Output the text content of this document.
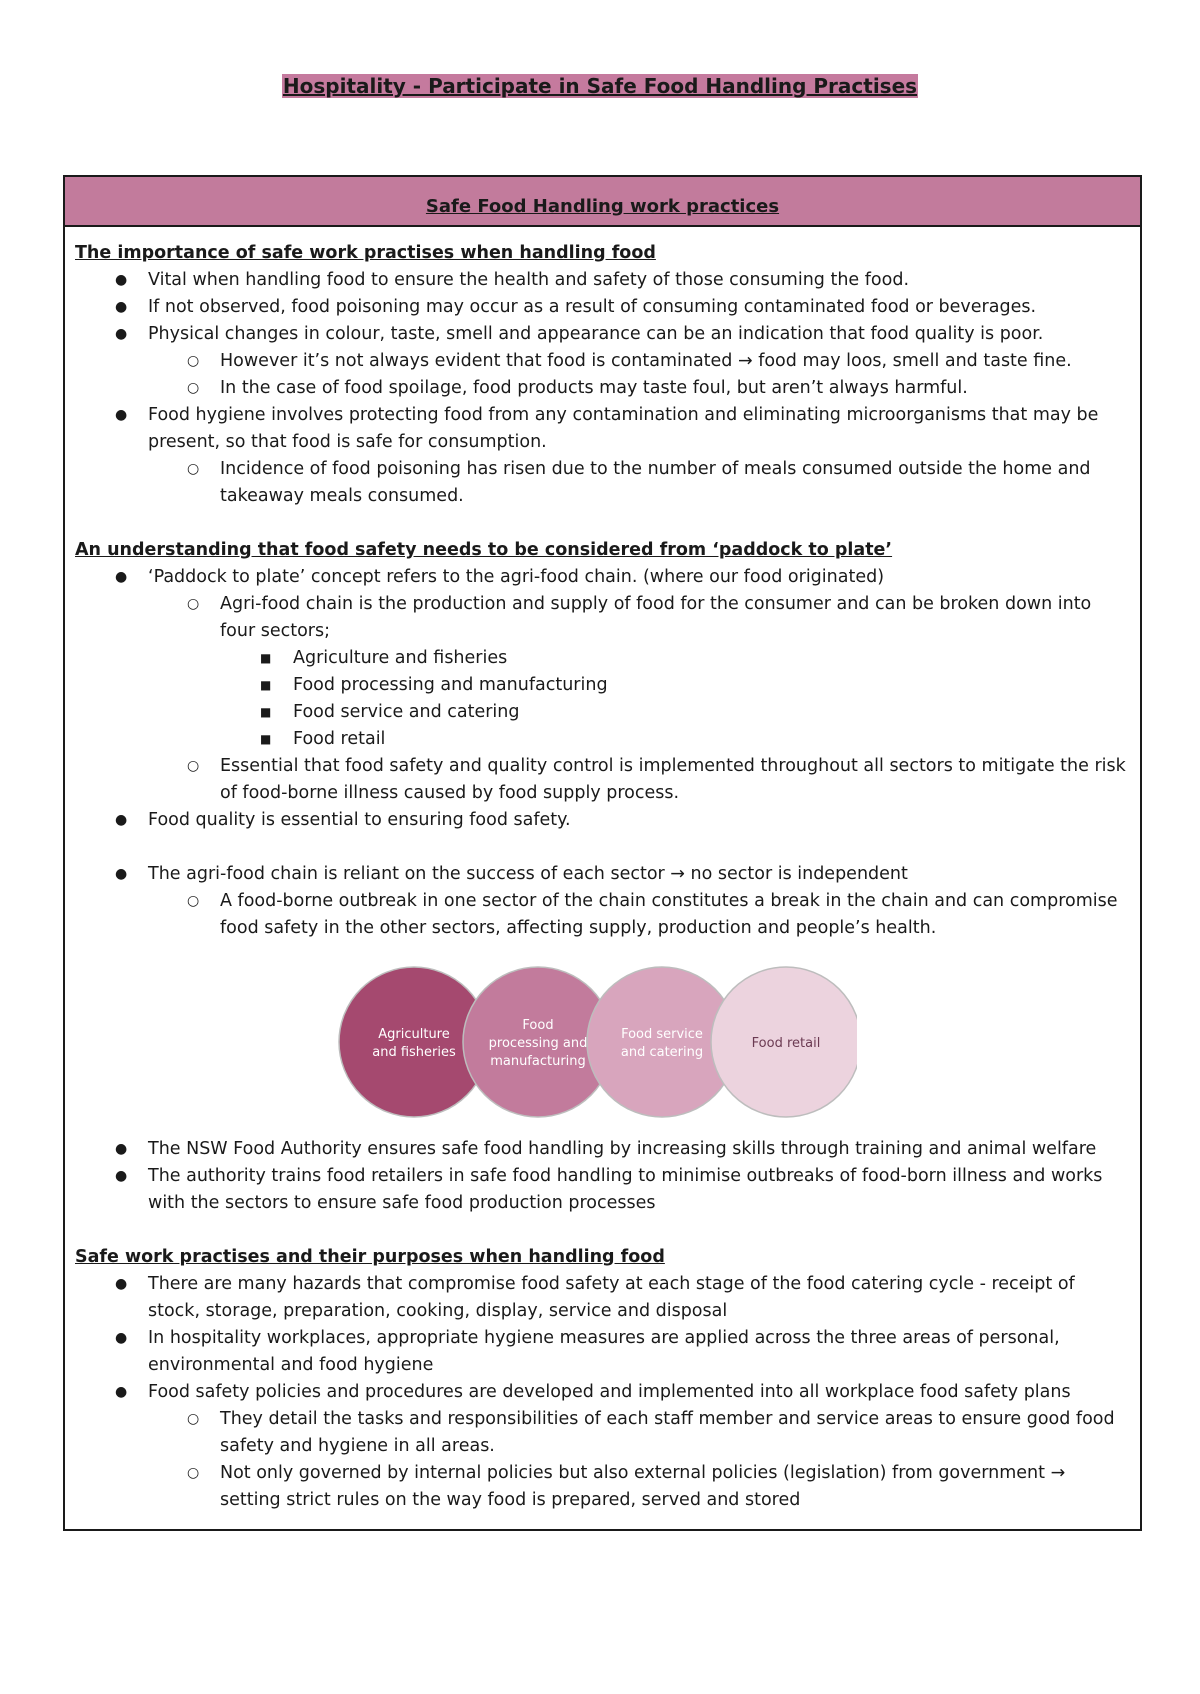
Hospitality - Participate in Safe Food Handling Practises
Safe Food Handling work practices
The importance of safe work practises when handling food
● Vital when handling food to ensure the health and safety of those consuming the food.
● If not observed, food poisoning may occur as a result of consuming contaminated food or beverages.
● Physical changes in colour, taste, smell and appearance can be an indication that food quality is poor.
○ However it’s not always evident that food is contaminated → food may loos, smell and taste fine.
○ In the case of food spoilage, food products may taste foul, but aren’t always harmful.
● Food hygiene involves protecting food from any contamination and eliminating microorganisms that may be present, so that food is safe for consumption.
○ Incidence of food poisoning has risen due to the number of meals consumed outside the home and takeaway meals consumed.
An understanding that food safety needs to be considered from ‘paddock to plate’
● ‘Paddock to plate’ concept refers to the agri-food chain. (where our food originated)
○ Agri-food chain is the production and supply of food for the consumer and can be broken down into four sectors;
■ Agriculture and fisheries
■ Food processing and manufacturing
■ Food service and catering
■ Food retail
○ Essential that food safety and quality control is implemented throughout all sectors to mitigate the risk of food-borne illness caused by food supply process.
● Food quality is essential to ensuring food safety.
● The agri-food chain is reliant on the success of each sector → no sector is independent
○ A food-borne outbreak in one sector of the chain constitutes a break in the chain and can compromise food safety in the other sectors, affecting supply, production and people’s health.
Agriculture
and fisheries
Food
processing and
manufacturing
Food service
and catering
Food retail
● The NSW Food Authority ensures safe food handling by increasing skills through training and animal welfare
● The authority trains food retailers in safe food handling to minimise outbreaks of food-born illness and works with the sectors to ensure safe food production processes
Safe work practises and their purposes when handling food
● There are many hazards that compromise food safety at each stage of the food catering cycle - receipt of stock, storage, preparation, cooking, display, service and disposal
● In hospitality workplaces, appropriate hygiene measures are applied across the three areas of personal, environmental and food hygiene
● Food safety policies and procedures are developed and implemented into all workplace food safety plans
○ They detail the tasks and responsibilities of each staff member and service areas to ensure good food safety and hygiene in all areas.
○ Not only governed by internal policies but also external policies (legislation) from government → setting strict rules on the way food is prepared, served and stored
